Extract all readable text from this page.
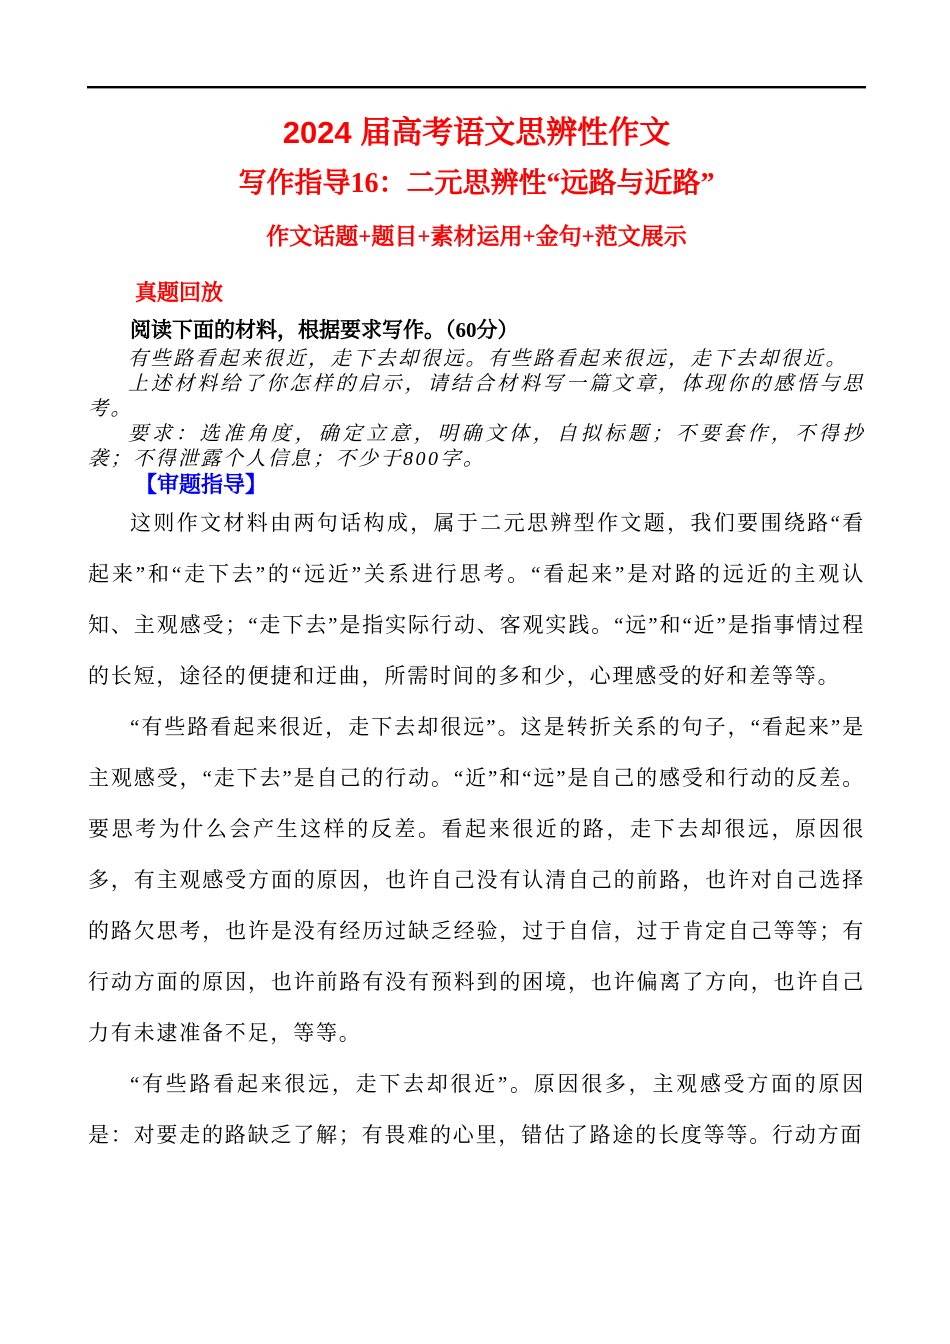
2024 届高考语文思辨性作文
写作指导16：二元思辨性“远路与近路”
作文话题+题目+素材运用+金句+范文展示
真题回放

阅读下面的材料，根据要求写作。（60分）

有些路看起来很近，走下去却很远。有些路看起来很远，走下去却很近。

上述材料给了你怎样的启示，请结合材料写一篇文章，体现你的感悟与思考。

要求：选准角度，确定立意，明确文体，自拟标题；不要套作，不得抄袭；不得泄露个人信息；不少于800字。

【审题指导】

这则作文材料由两句话构成，属于二元思辨型作文题，我们要围绕路“看起来”和“走下去”的“远近”关系进行思考。“看起来”是对路的远近的主观认知、主观感受；“走下去”是指实际行动、客观实践。“远”和“近”是指事情过程的长短，途径的便捷和迂曲，所需时间的多和少，心理感受的好和差等等。

“有些路看起来很近，走下去却很远”。这是转折关系的句子，“看起来”是主观感受，“走下去”是自己的行动。“近”和“远”是自己的感受和行动的反差。要思考为什么会产生这样的反差。看起来很近的路，走下去却很远，原因很多，有主观感受方面的原因，也许自己没有认清自己的前路，也许对自己选择的路欠思考，也许是没有经历过缺乏经验，过于自信，过于肯定自己等等；有行动方面的原因，也许前路有没有预料到的困境，也许偏离了方向，也许自己力有未逮准备不足，等等。

“有些路看起来很远，走下去却很近”。原因很多，主观感受方面的原因是：对要走的路缺乏了解；有畏难的心里，错估了路途的长度等等。行动方面
